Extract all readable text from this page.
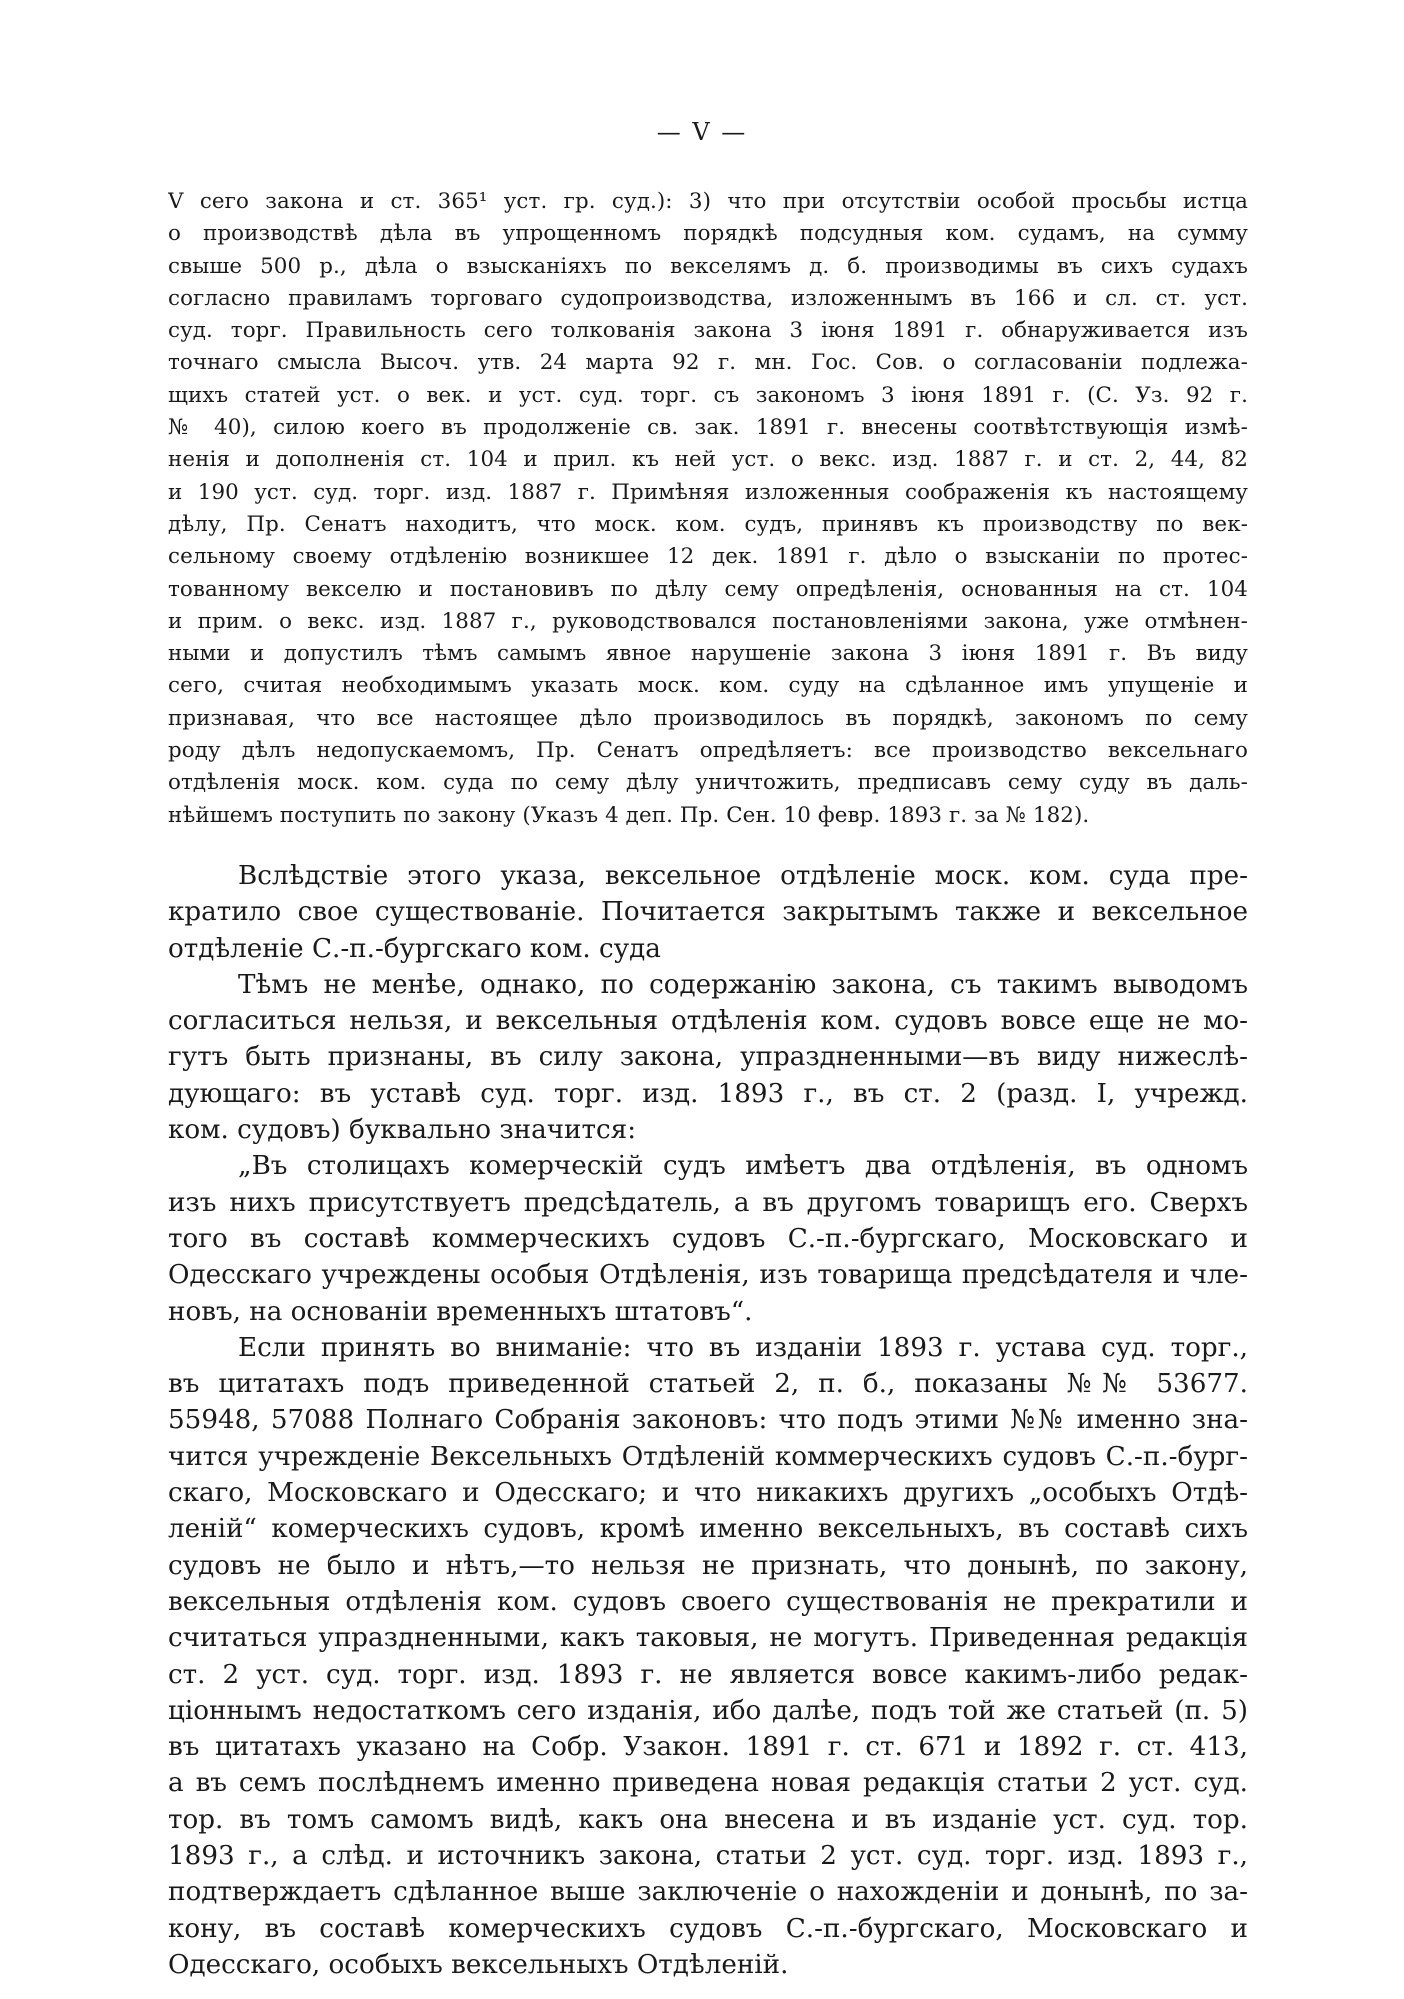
— V —
V сего закона и ст. 365¹ уст. гр. суд.): 3) что при отсутствiи особой просьбы истца
о производствѣ дѣла въ упрощенномъ порядкѣ подсудныя ком. судамъ, на сумму
свыше 500 р., дѣла о взысканiяхъ по векселямъ д. б. производимы въ сихъ судахъ
согласно правиламъ торговаго судопроизводства, изложеннымъ въ 166 и сл. ст. уст.
суд. торг. Правильность сего толкованiя закона 3 iюня 1891 г. обнаруживается изъ
точнаго смысла Высоч. утв. 24 марта 92 г. мн. Гос. Сов. о согласованiи подлежа-
щихъ статей уст. о век. и уст. суд. торг. съ закономъ 3 iюня 1891 г. (С. Уз. 92 г.
№ 40), силою коего въ продолженiе св. зак. 1891 г. внесены соотвѣтствующiя измѣ-
ненiя и дополненiя ст. 104 и прил. къ ней уст. о векс. изд. 1887 г. и ст. 2, 44, 82
и 190 уст. суд. торг. изд. 1887 г. Примѣняя изложенныя соображенiя къ настоящему
дѣлу, Пр. Сенатъ находитъ, что моск. ком. судъ, принявъ къ производству по век-
сельному своему отдѣленiю возникшее 12 дек. 1891 г. дѣло о взысканiи по протес-
тованному векселю и постановивъ по дѣлу сему опредѣленiя, основанныя на ст. 104
и прим. о векс. изд. 1887 г., руководствовался постановленiями закона, уже отмѣнен-
ными и допустилъ тѣмъ самымъ явное нарушенiе закона 3 iюня 1891 г. Въ виду
сего, считая необходимымъ указать моск. ком. суду на сдѣланное имъ упущенiе и
признавая, что все настоящее дѣло производилось въ порядкѣ, закономъ по сему
роду дѣлъ недопускаемомъ, Пр. Сенатъ опредѣляетъ: все производство вексельнаго
отдѣленiя моск. ком. суда по сему дѣлу уничтожить, предписавъ сему суду въ даль-
нѣйшемъ поступить по закону (Указъ 4 деп. Пр. Сен. 10 февр. 1893 г. за № 182).
Вслѣдствiе этого указа, вексельное отдѣленiе моск. ком. суда пре-
кратило свое существованiе. Почитается закрытымъ также и вексельное
отдѣленiе С.-п.-бургскаго ком. суда
Тѣмъ не менѣе, однако, по содержанiю закона, съ такимъ выводомъ
согласиться нельзя, и вексельныя отдѣленiя ком. судовъ вовсе еще не мо-
гутъ быть признаны, въ силу закона, упраздненными—въ виду нижеслѣ-
дующаго: въ уставѣ суд. торг. изд. 1893 г., въ ст. 2 (разд. I, учрежд.
ком. судовъ) буквально значится:
„Въ столицахъ комерческiй судъ имѣетъ два отдѣленiя, въ одномъ
изъ нихъ присутствуетъ предсѣдатель, а въ другомъ товарищъ его. Сверхъ
того въ составѣ коммерческихъ судовъ С.-п.-бургскаго, Московскаго и
Одесскаго учреждены особыя Отдѣленiя, изъ товарища предсѣдателя и чле-
новъ, на основанiи временныхъ штатовъ“.
Если принять во вниманiе: что въ изданiи 1893 г. устава суд. торг.,
въ цитатахъ подъ приведенной статьей 2, п. б., показаны №№ 53677.
55948, 57088 Полнаго Собранiя законовъ: что подъ этими №№ именно зна-
чится учрежденiе Вексельныхъ Отдѣленiй коммерческихъ судовъ С.-п.-бург-
скаго, Московскаго и Одесскаго; и что никакихъ другихъ „особыхъ Отдѣ-
ленiй“ комерческихъ судовъ, кромѣ именно вексельныхъ, въ составѣ сихъ
судовъ не было и нѣтъ,—то нельзя не признать, что донынѣ, по закону,
вексельныя отдѣленiя ком. судовъ своего существованiя не прекратили и
считаться упраздненными, какъ таковыя, не могутъ. Приведенная редакцiя
ст. 2 уст. суд. торг. изд. 1893 г. не является вовсе какимъ-либо редак-
цiоннымъ недостаткомъ сего изданiя, ибо далѣе, подъ той же статьей (п. 5)
въ цитатахъ указано на Собр. Узакон. 1891 г. ст. 671 и 1892 г. ст. 413,
а въ семъ послѣднемъ именно приведена новая редакцiя статьи 2 уст. суд.
тор. въ томъ самомъ видѣ, какъ она внесена и въ изданiе уст. суд. тор.
1893 г., а слѣд. и источникъ закона, статьи 2 уст. суд. торг. изд. 1893 г.,
подтверждаетъ сдѣланное выше заключенiе о нахожденiи и донынѣ, по за-
кону, въ составѣ комерческихъ судовъ С.-п.-бургскаго, Московскаго и
Одесскаго, особыхъ вексельныхъ Отдѣленiй.
